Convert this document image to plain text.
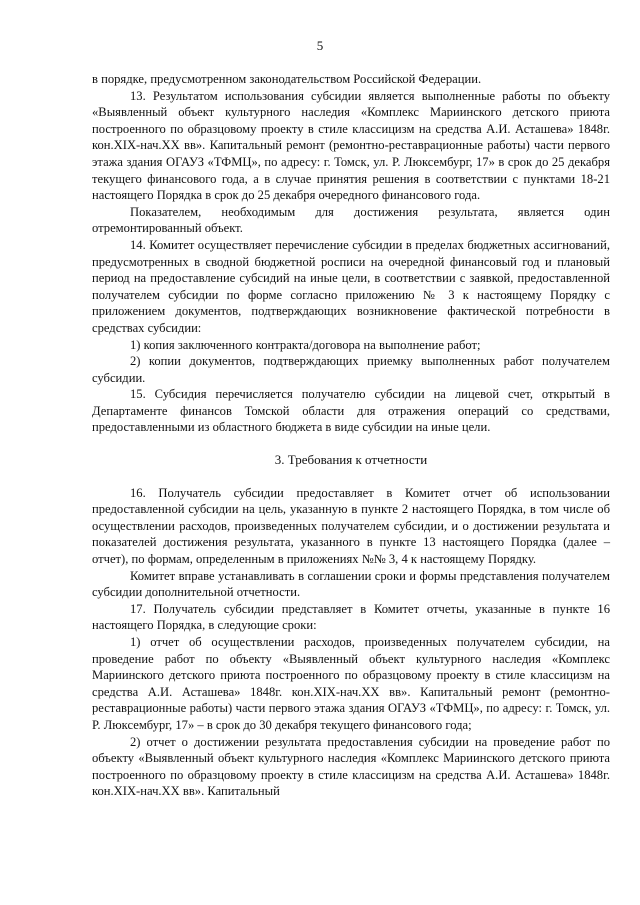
5

в порядке, предусмотренном законодательством Российской Федерации.

13. Результатом использования субсидии является выполненные работы по объекту «Выявленный объект культурного наследия «Комплекс Мариинского детского приюта построенного по образцовому проекту в стиле классицизм на средства А.И. Асташева» 1848г. кон.XIX-нач.XX вв». Капитальный ремонт (ремонтно-реставрационные работы) части первого этажа здания ОГАУЗ «ТФМЦ», по адресу: г. Томск, ул. Р. Люксембург, 17» в срок до 25 декабря текущего финансового года, а в случае принятия решения в соответствии с пунктами 18-21 настоящего Порядка в срок до 25 декабря очередного финансового года.

Показателем, необходимым для достижения результата, является один отремонтированный объект.

14. Комитет осуществляет перечисление субсидии в пределах бюджетных ассигнований, предусмотренных в сводной бюджетной росписи на очередной финансовый год и плановый период на предоставление субсидий на иные цели, в соответствии с заявкой, предоставленной получателем субсидии по форме согласно приложению № 3 к настоящему Порядку с приложением документов, подтверждающих возникновение фактической потребности в средствах субсидии:

1) копия заключенного контракта/договора на выполнение работ;

2) копии документов, подтверждающих приемку выполненных работ получателем субсидии.

15. Субсидия перечисляется получателю субсидии на лицевой счет, открытый в Департаменте финансов Томской области для отражения операций со средствами, предоставленными из областного бюджета в виде субсидии на иные цели.

3. Требования к отчетности

16. Получатель субсидии предоставляет в Комитет отчет об использовании предоставленной субсидии на цель, указанную в пункте 2 настоящего Порядка, в том числе об осуществлении расходов, произведенных получателем субсидии, и о достижении результата и показателей достижения результата, указанного в пункте 13 настоящего Порядка (далее – отчет), по формам, определенным в приложениях №№ 3, 4 к настоящему Порядку.

Комитет вправе устанавливать в соглашении сроки и формы представления получателем субсидии дополнительной отчетности.

17. Получатель субсидии представляет в Комитет отчеты, указанные в пункте 16 настоящего Порядка, в следующие сроки:

1) отчет об осуществлении расходов, произведенных получателем субсидии, на проведение работ по объекту «Выявленный объект культурного наследия «Комплекс Мариинского детского приюта построенного по образцовому проекту в стиле классицизм на средства А.И. Асташева» 1848г. кон.XIX-нач.XX вв». Капитальный ремонт (ремонтно-реставрационные работы) части первого этажа здания ОГАУЗ «ТФМЦ», по адресу: г. Томск, ул. Р. Люксембург, 17» – в срок до 30 декабря текущего финансового года;

2) отчет о достижении результата предоставления субсидии на проведение работ по объекту «Выявленный объект культурного наследия «Комплекс Мариинского детского приюта построенного по образцовому проекту в стиле классицизм на средства А.И. Асташева» 1848г. кон.XIX-нач.XX вв». Капитальный
